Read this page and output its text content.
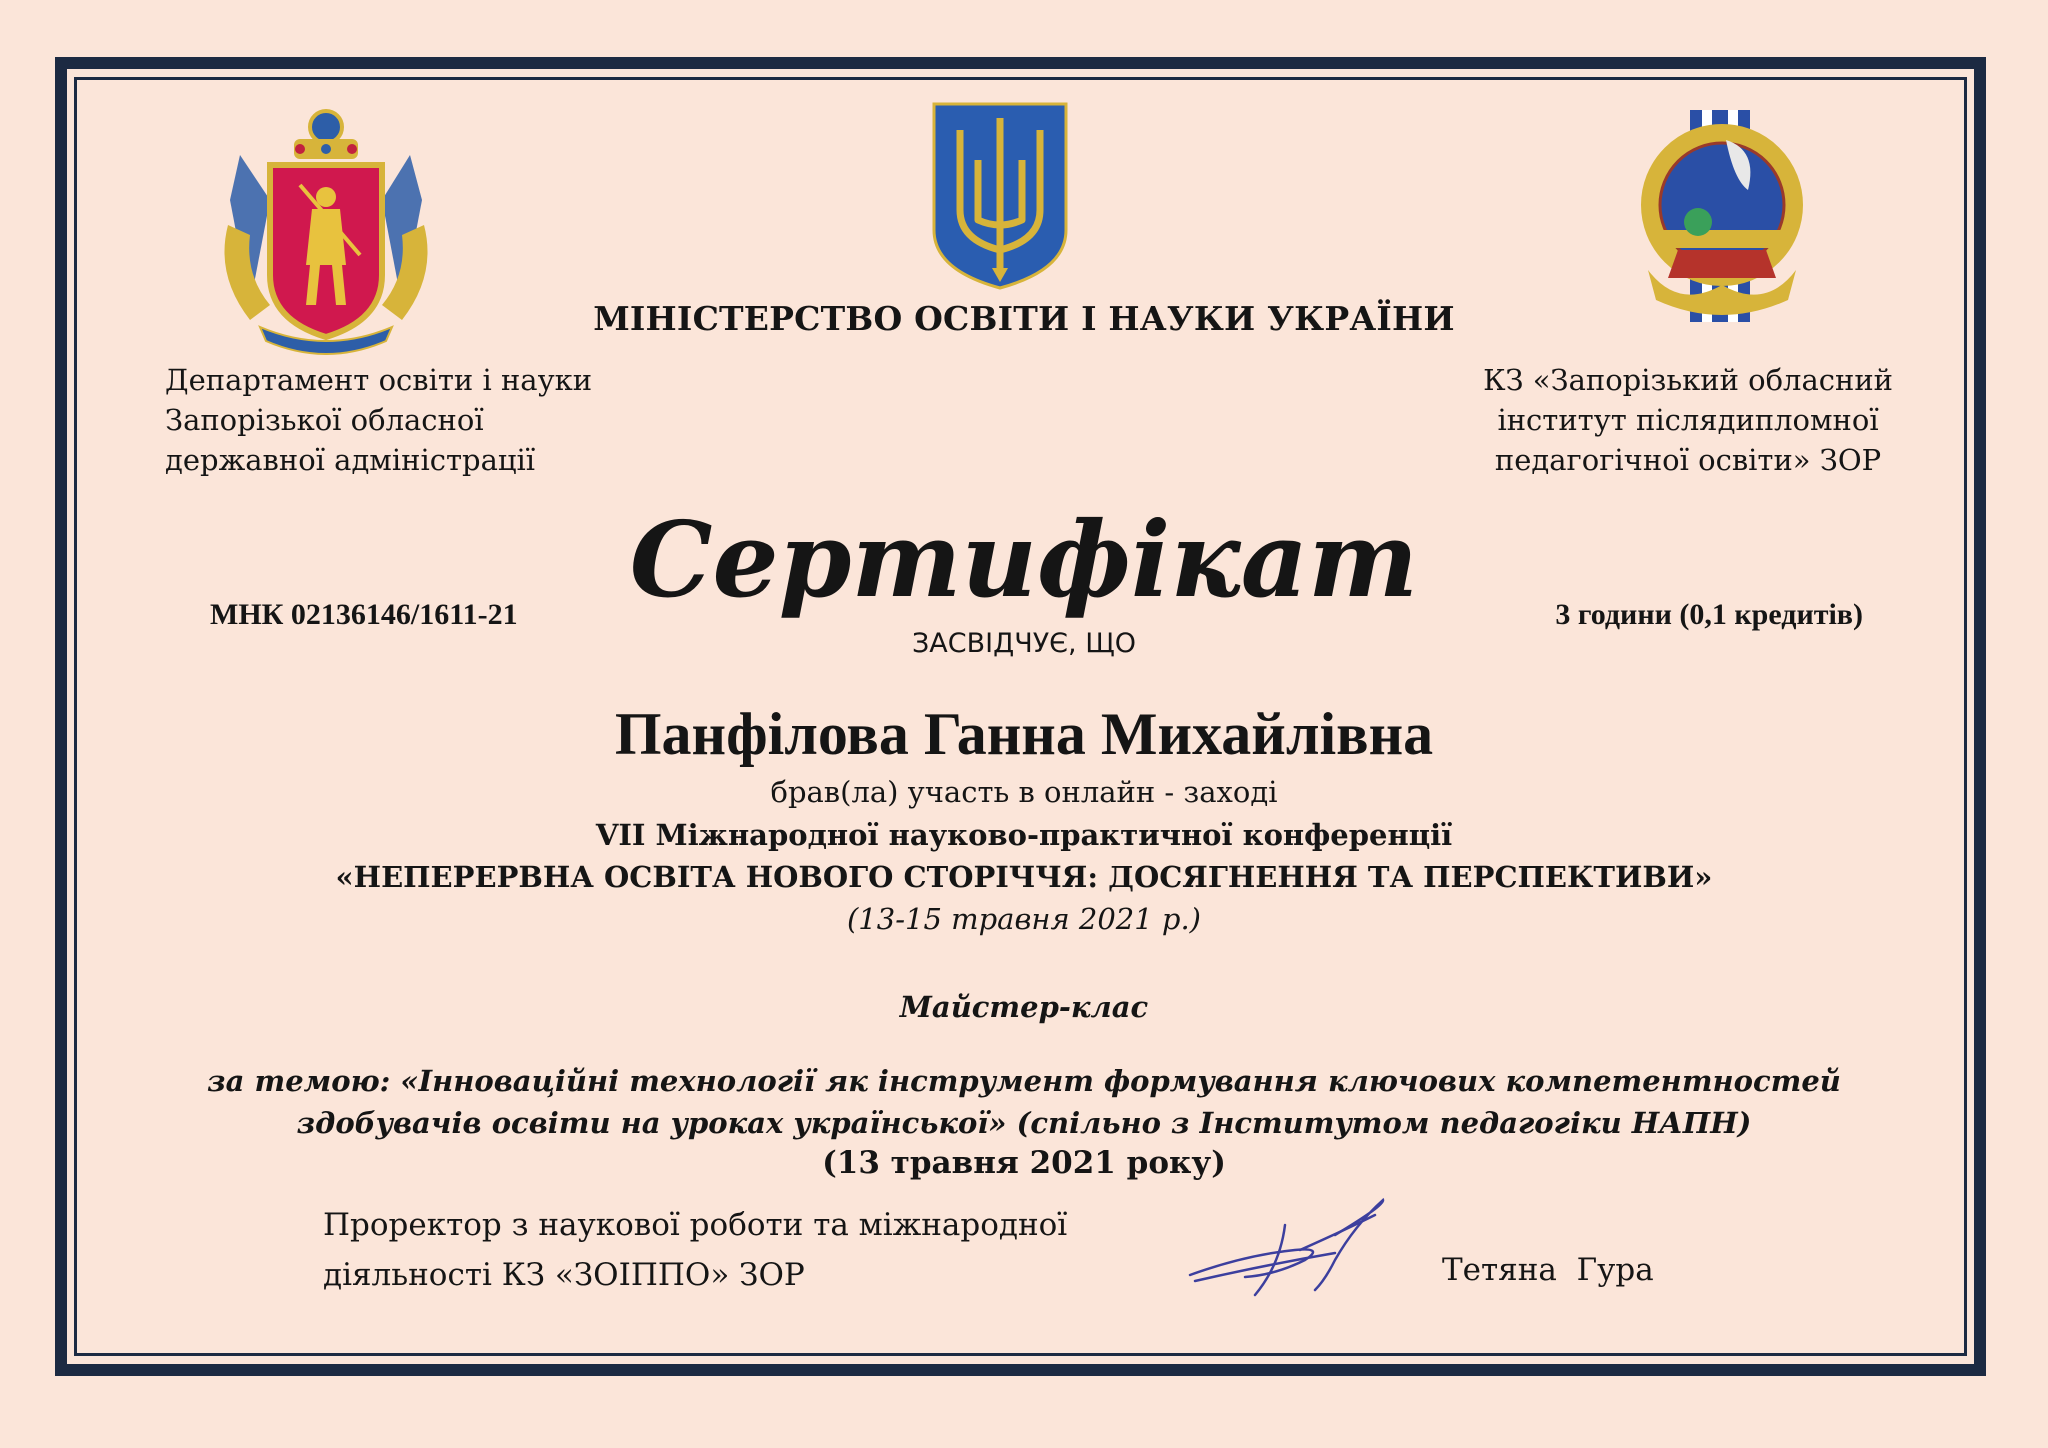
МІНІСТЕРСТВО ОСВІТИ І НАУКИ УКРАЇНИ
Департамент освіти і науки
Запорізької обласної
державної адміністрації
КЗ «Запорізький обласний
інститут післядипломної
педагогічної освіти» ЗОР
Сертифікат
МНК 02136146/1611-21	3 години (0,1 кредитів)
ЗАСВІДЧУЄ, ЩО
Панфілова Ганна Михайлівна
брав(ла) участь в онлайн - заході
VII Міжнародної науково-практичної конференції
«НЕПЕРЕРВНА ОСВІТА НОВОГО СТОРІЧЧЯ: ДОСЯГНЕННЯ ТА ПЕРСПЕКТИВИ»
(13-15 травня 2021 р.)
Майстер-клас
за темою: «Інноваційні технології як інструмент формування ключових компетентностей
здобувачів освіти на уроках української» (спільно з Інститутом педагогіки НАПН)
(13 травня 2021 року)
Проректор з наукової роботи та міжнародної
діяльності КЗ «ЗОІППО» ЗОР	Тетяна  Гура
